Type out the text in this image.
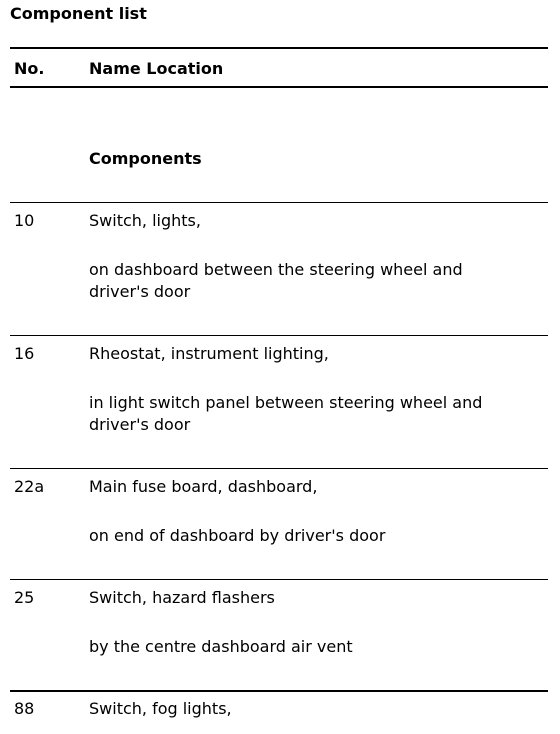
Component list
No.	Name Location
Components
10	Switch, lights,
on dashboard between the steering wheel and
driver's door
16	Rheostat, instrument lighting,
in light switch panel between steering wheel and
driver's door
22a	Main fuse board, dashboard,
on end of dashboard by driver's door
25	Switch, hazard flashers
by the centre dashboard air vent
88	Switch, fog lights,
